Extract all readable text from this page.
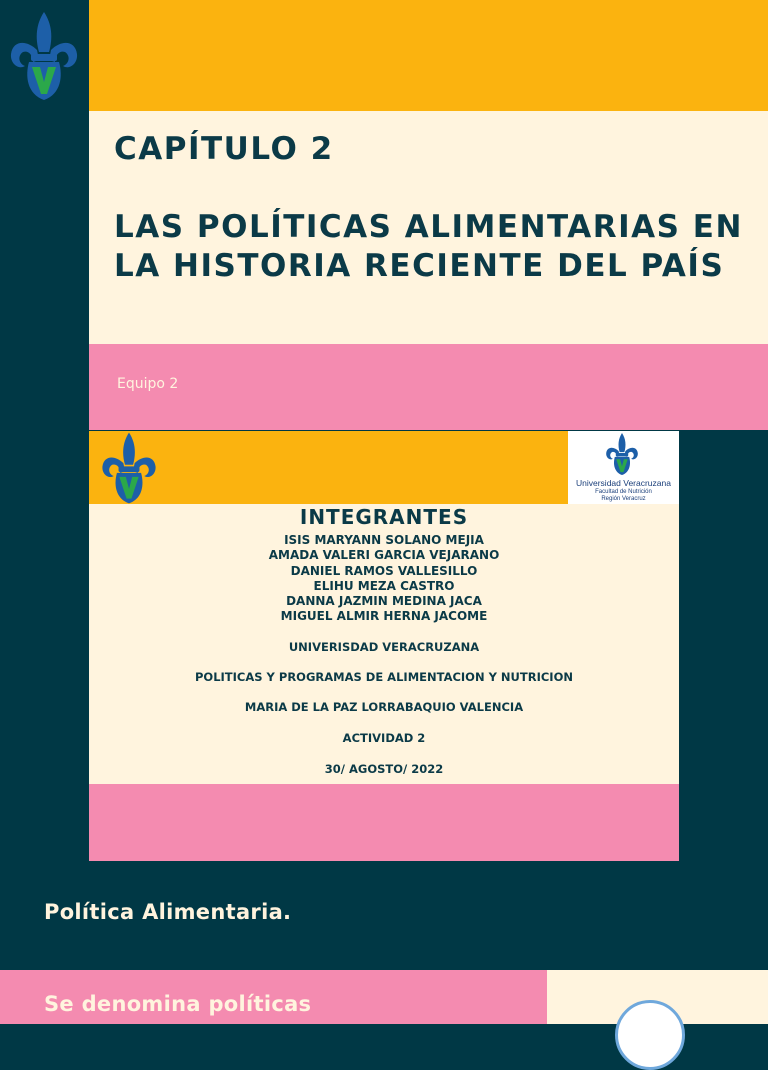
CAPÍTULO 2
LAS POLÍTICAS ALIMENTARIAS EN LA HISTORIA RECIENTE DEL PAÍS
Equipo 2
Universidad Veracruzana
Facultad de Nutrición
Región Veracruz
INTEGRANTES
ISIS MARYANN SOLANO MEJIA
AMADA VALERI GARCIA VEJARANO
DANIEL RAMOS VALLESILLO
ELIHU MEZA CASTRO
DANNA JAZMIN MEDINA JACA
MIGUEL ALMIR HERNA JACOME
UNIVERISDAD VERACRUZANA
POLITICAS Y PROGRAMAS DE ALIMENTACION Y NUTRICION
MARIA DE LA PAZ LORRABAQUIO VALENCIA
ACTIVIDAD 2
30/ AGOSTO/ 2022
Política Alimentaria.
Se denomina políticas
